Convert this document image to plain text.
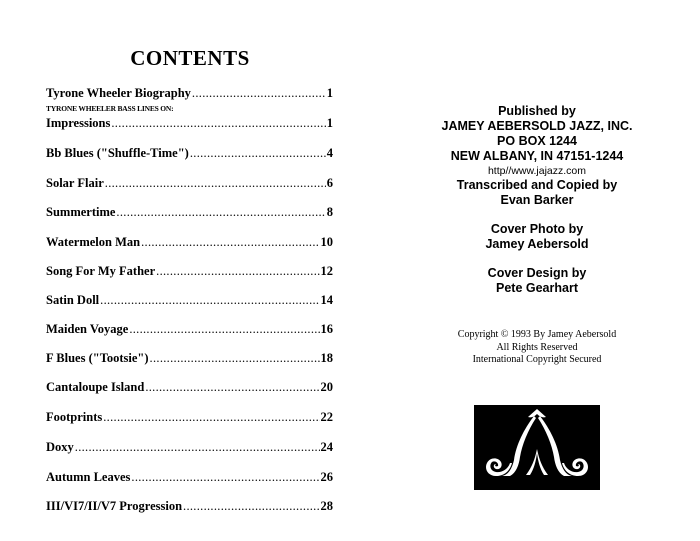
CONTENTS
Tyrone Wheeler Biography .....	1
TYRONE WHEELER BASS LINES ON:
Impressions .....	1
Bb Blues ("Shuffle-Time") .....	4
Solar Flair .....	6
Summertime .....	8
Watermelon Man .....	10
Song For My Father .....	12
Satin Doll .....	14
Maiden Voyage .....	16
F Blues ("Tootsie") .....	18
Cantaloupe Island .....	20
Footprints .....	22
Doxy .....	24
Autumn Leaves .....	26
III/VI7/II/V7 Progression .....	28
Published by
JAMEY AEBERSOLD JAZZ, INC.
PO BOX 1244
NEW ALBANY, IN 47151-1244
http//www.jajazz.com
Transcribed and Copied by
Evan Barker
Cover Photo by
Jamey Aebersold
Cover Design by
Pete Gearhart
Copyright © 1993 By Jamey Aebersold
All Rights Reserved
International Copyright Secured
